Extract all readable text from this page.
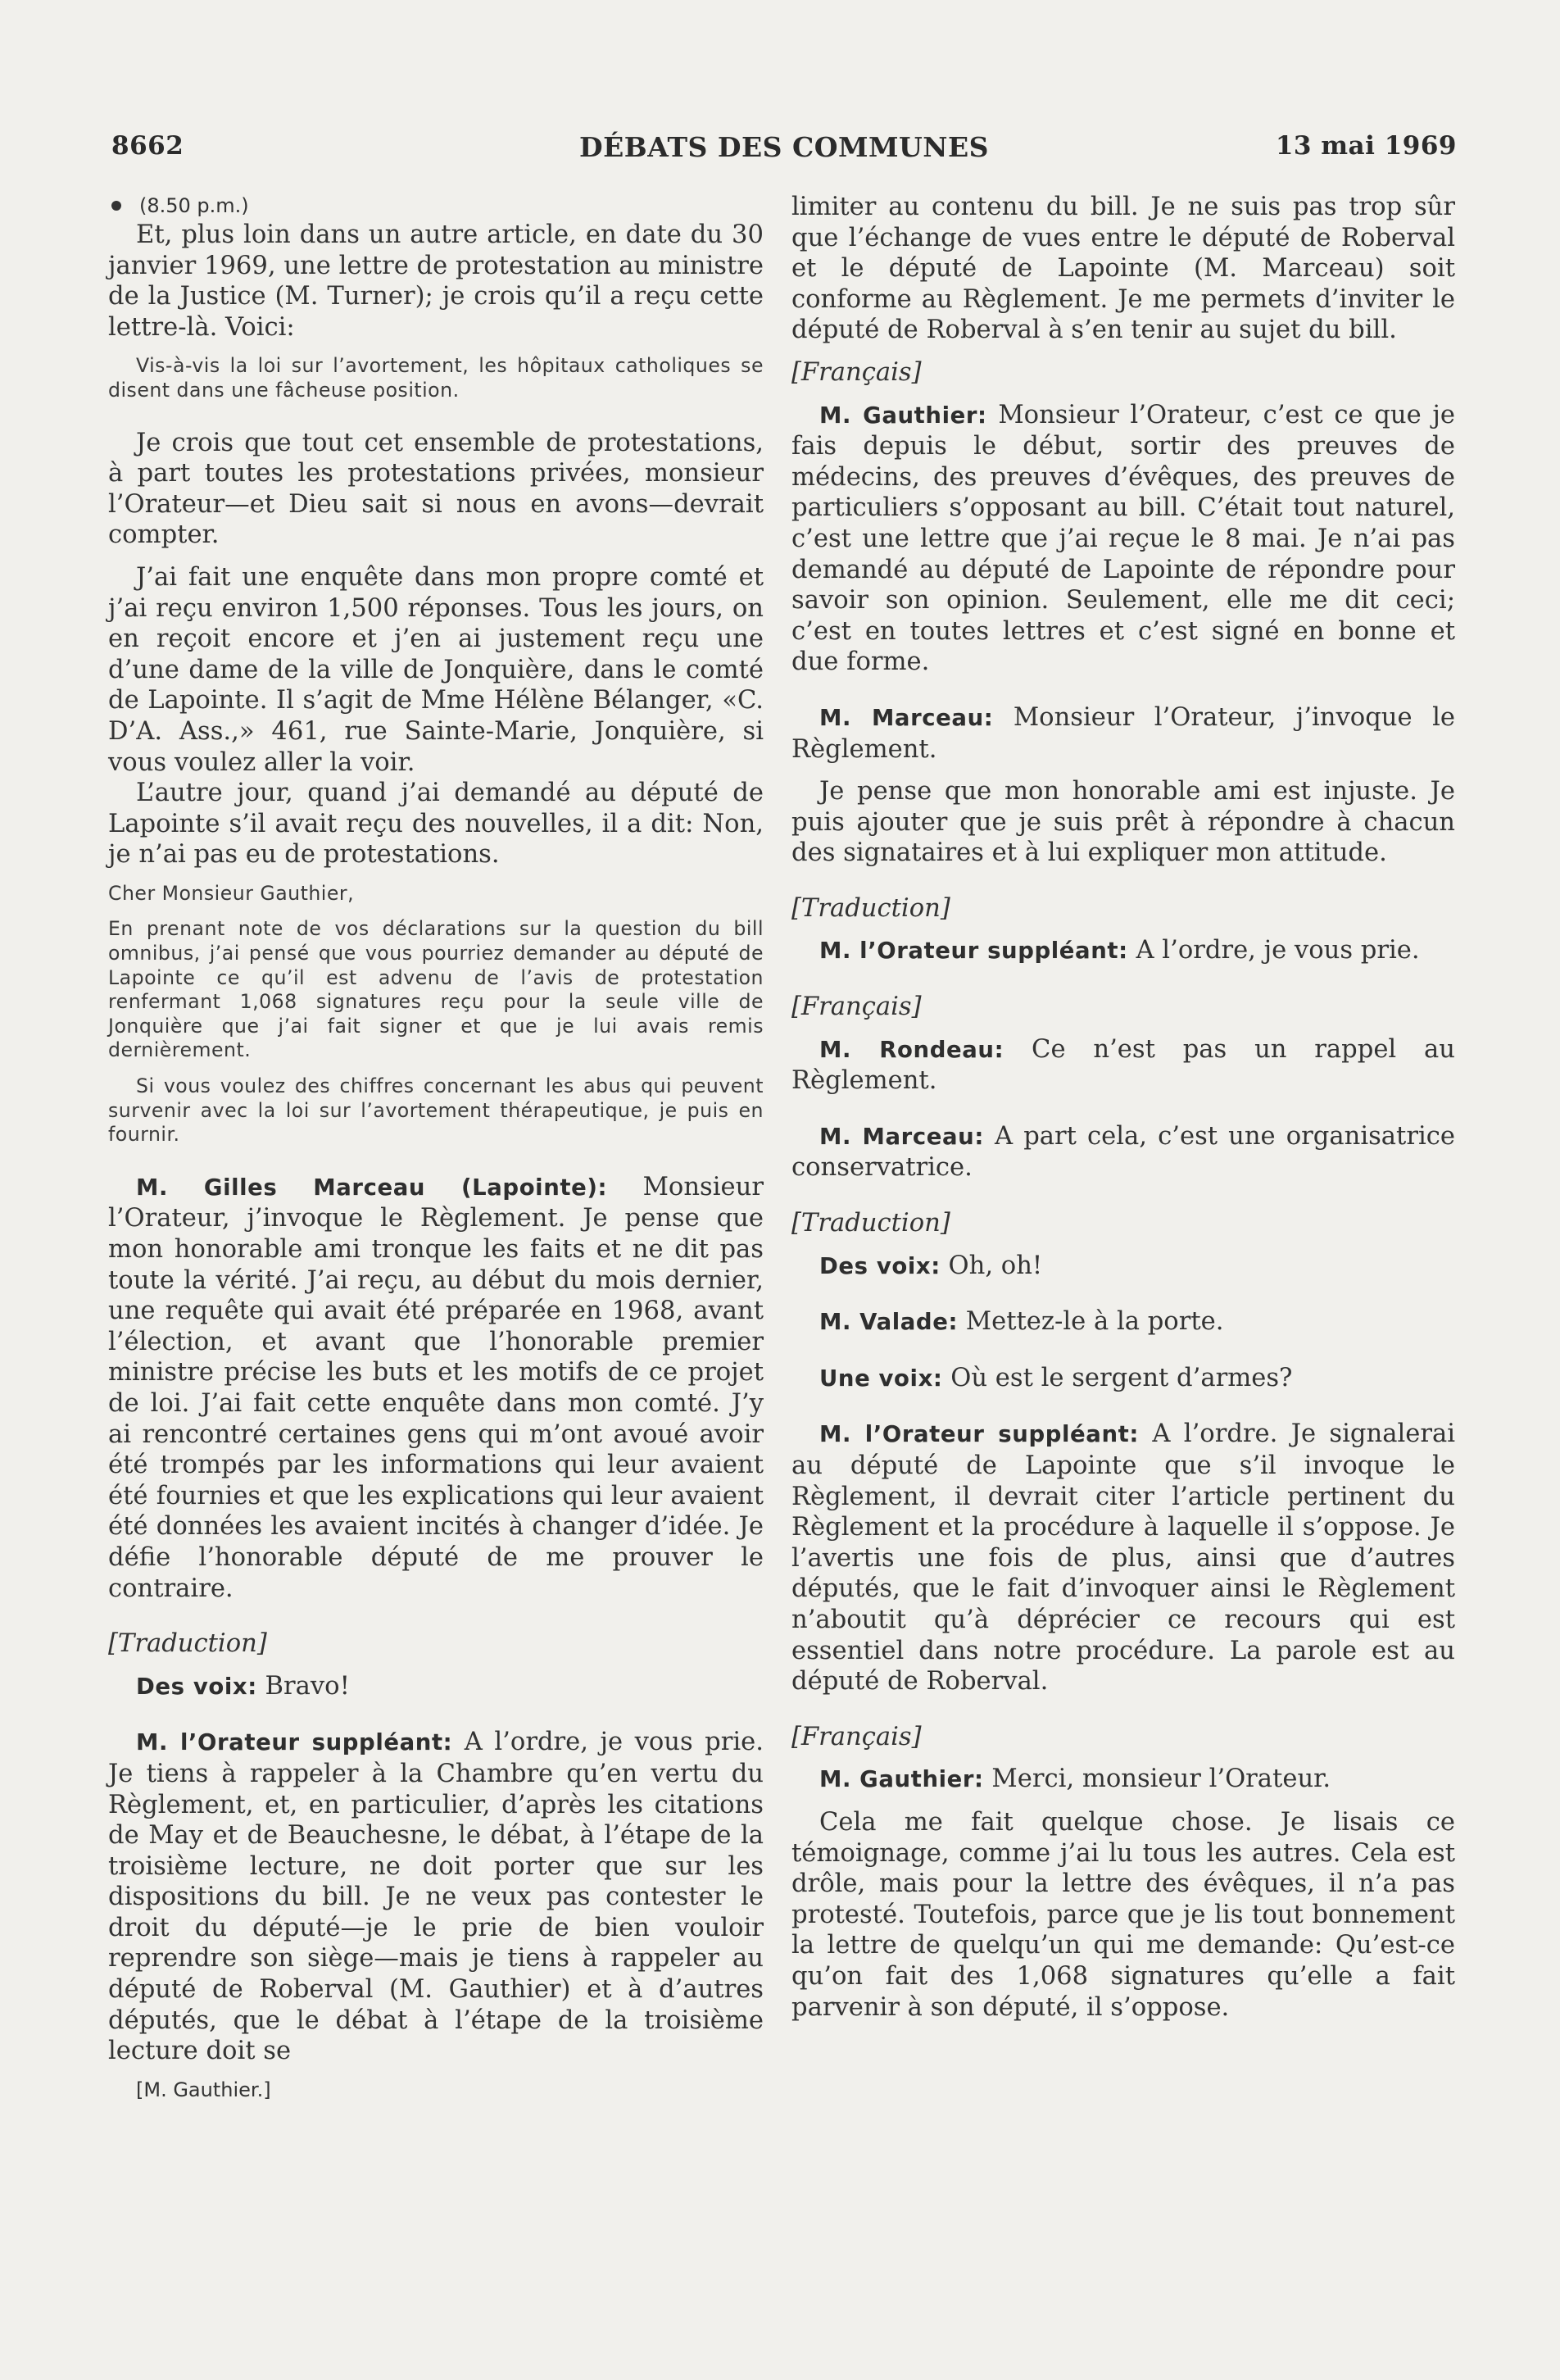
8662	DÉBATS DES COMMUNES	13 mai 1969

(8.50 p.m.)

Et, plus loin dans un autre article, en date du 30 janvier 1969, une lettre de protestation au ministre de la Justice (M. Turner); je crois qu’il a reçu cette lettre-là. Voici:

Vis-à-vis la loi sur l’avortement, les hôpitaux catholiques se disent dans une fâcheuse position.

Je crois que tout cet ensemble de protestations, à part toutes les protestations privées, monsieur l’Orateur—et Dieu sait si nous en avons—devrait compter.

J’ai fait une enquête dans mon propre comté et j’ai reçu environ 1,500 réponses. Tous les jours, on en reçoit encore et j’en ai justement reçu une d’une dame de la ville de Jonquière, dans le comté de Lapointe. Il s’agit de Mme Hélène Bélanger, «C. D’A. Ass.,» 461, rue Sainte-Marie, Jonquière, si vous voulez aller la voir.

L’autre jour, quand j’ai demandé au député de Lapointe s’il avait reçu des nouvelles, il a dit: Non, je n’ai pas eu de protestations.

Cher Monsieur Gauthier,

En prenant note de vos déclarations sur la question du bill omnibus, j’ai pensé que vous pourriez demander au député de Lapointe ce qu’il est advenu de l’avis de protestation renfermant 1,068 signatures reçu pour la seule ville de Jonquière que j’ai fait signer et que je lui avais remis dernièrement.

Si vous voulez des chiffres concernant les abus qui peuvent survenir avec la loi sur l’avortement thérapeutique, je puis en fournir.

M. Gilles Marceau (Lapointe): Monsieur l’Orateur, j’invoque le Règlement. Je pense que mon honorable ami tronque les faits et ne dit pas toute la vérité. J’ai reçu, au début du mois dernier, une requête qui avait été préparée en 1968, avant l’élection, et avant que l’honorable premier ministre précise les buts et les motifs de ce projet de loi. J’ai fait cette enquête dans mon comté. J’y ai rencontré certaines gens qui m’ont avoué avoir été trompés par les informations qui leur avaient été fournies et que les explications qui leur avaient été données les avaient incités à changer d’idée. Je défie l’honorable député de me prouver le contraire.

[Traduction]

Des voix: Bravo!

M. l’Orateur suppléant: A l’ordre, je vous prie. Je tiens à rappeler à la Chambre qu’en vertu du Règlement, et, en particulier, d’après les citations de May et de Beauchesne, le débat, à l’étape de la troisième lecture, ne doit porter que sur les dispositions du bill. Je ne veux pas contester le droit du député—je le prie de bien vouloir reprendre son siège—mais je tiens à rappeler au député de Roberval (M. Gauthier) et à d’autres députés, que le débat à l’étape de la troisième lecture doit se

[M. Gauthier.]

limiter au contenu du bill. Je ne suis pas trop sûr que l’échange de vues entre le député de Roberval et le député de Lapointe (M. Marceau) soit conforme au Règlement. Je me permets d’inviter le député de Roberval à s’en tenir au sujet du bill.

[Français]

M. Gauthier: Monsieur l’Orateur, c’est ce que je fais depuis le début, sortir des preuves de médecins, des preuves d’évêques, des preuves de particuliers s’opposant au bill. C’était tout naturel, c’est une lettre que j’ai reçue le 8 mai. Je n’ai pas demandé au député de Lapointe de répondre pour savoir son opinion. Seulement, elle me dit ceci; c’est en toutes lettres et c’est signé en bonne et due forme.

M. Marceau: Monsieur l’Orateur, j’invoque le Règlement.

Je pense que mon honorable ami est injuste. Je puis ajouter que je suis prêt à répondre à chacun des signataires et à lui expliquer mon attitude.

[Traduction]

M. l’Orateur suppléant: A l’ordre, je vous prie.

[Français]

M. Rondeau: Ce n’est pas un rappel au Règlement.

M. Marceau: A part cela, c’est une organisatrice conservatrice.

[Traduction]

Des voix: Oh, oh!

M. Valade: Mettez-le à la porte.

Une voix: Où est le sergent d’armes?

M. l’Orateur suppléant: A l’ordre. Je signalerai au député de Lapointe que s’il invoque le Règlement, il devrait citer l’article pertinent du Règlement et la procédure à laquelle il s’oppose. Je l’avertis une fois de plus, ainsi que d’autres députés, que le fait d’invoquer ainsi le Règlement n’aboutit qu’à déprécier ce recours qui est essentiel dans notre procédure. La parole est au député de Roberval.

[Français]

M. Gauthier: Merci, monsieur l’Orateur.

Cela me fait quelque chose. Je lisais ce témoignage, comme j’ai lu tous les autres. Cela est drôle, mais pour la lettre des évêques, il n’a pas protesté. Toutefois, parce que je lis tout bonnement la lettre de quelqu’un qui me demande: Qu’est-ce qu’on fait des 1,068 signatures qu’elle a fait parvenir à son député, il s’oppose.
